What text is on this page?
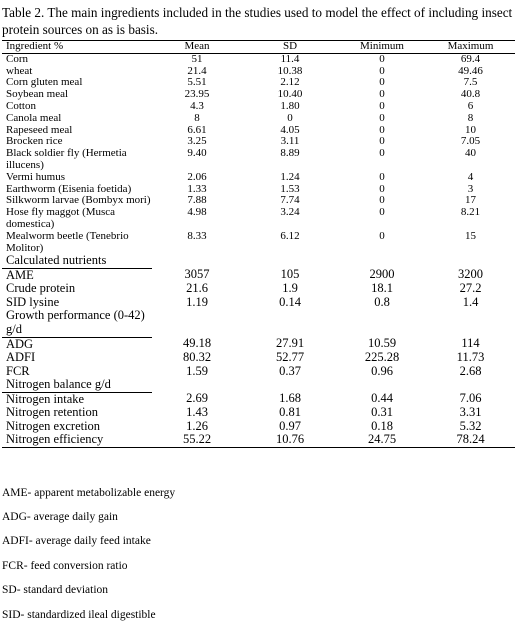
Table 2. The main ingredients included in the studies used to model the effect of including insect protein sources on as is basis.
Ingredient %	Mean	SD	Minimum	Maximum
Corn	51	11.4	0	69.4
wheat	21.4	10.38	0	49.46
Corn gluten meal	5.51	2.12	0	7.5
Soybean meal	23.95	10.40	0	40.8
Cotton	4.3	1.80	0	6
Canola meal	8	0	0	8
Rapeseed meal	6.61	4.05	0	10
Brocken rice	3.25	3.11	0	7.05
Black soldier fly (Hermetia illucens)	9.40	8.89	0	40
Vermi humus	2.06	1.24	0	4
Earthworm (Eisenia foetida)	1.33	1.53	0	3
Silkworm larvae (Bombyx mori)	7.88	7.74	0	17
Hose fly maggot (Musca domestica)	4.98	3.24	0	8.21
Mealworm beetle (Tenebrio Molitor)	8.33	6.12	0	15
Calculated nutrients				
AME	3057	105	2900	3200
Crude protein	21.6	1.9	18.1	27.2
SID lysine	1.19	0.14	0.8	1.4
Growth performance (0-42) g/d				
ADG	49.18	27.91	10.59	114
ADFI	80.32	52.77	225.28	11.73
FCR	1.59	0.37	0.96	2.68
Nitrogen balance g/d				
Nitrogen intake	2.69	1.68	0.44	7.06
Nitrogen retention	1.43	0.81	0.31	3.31
Nitrogen excretion	1.26	0.97	0.18	5.32
Nitrogen efficiency	55.22	10.76	24.75	78.24
AME- apparent metabolizable energy
ADG- average daily gain
ADFI- average daily feed intake
FCR- feed conversion ratio
SD- standard deviation
SID- standardized ileal digestible
